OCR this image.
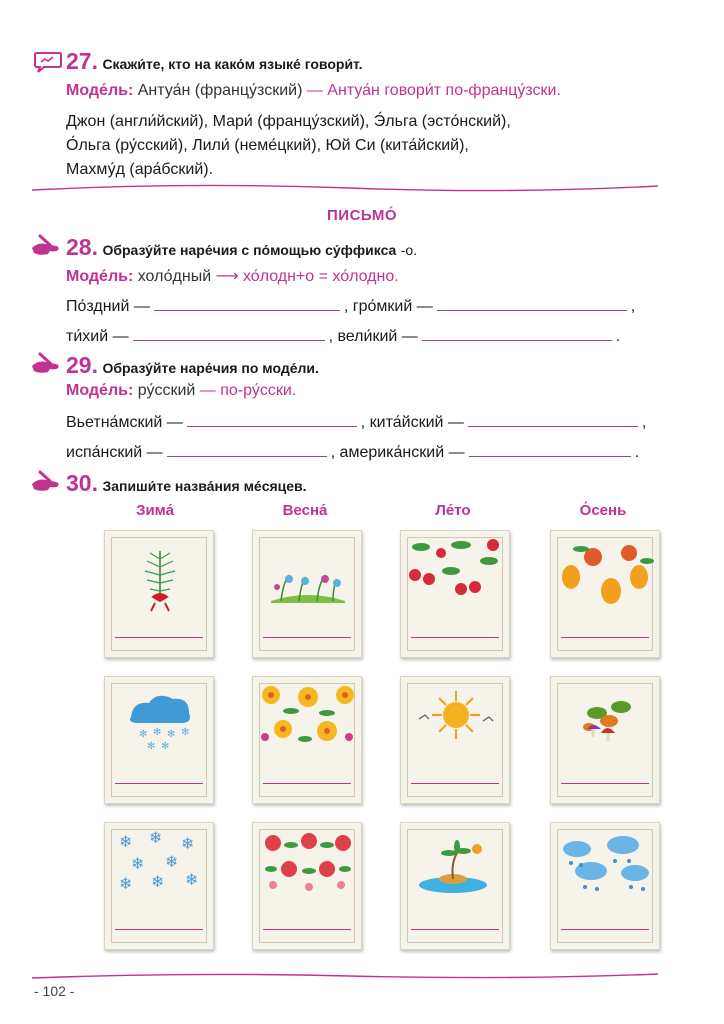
27. Скажи́те, кто на како́м языке́ говори́т.
Моде́ль: Антуа́н (францу́зский) — Антуа́н говори́т по-францу́зски.
Джон (англи́йский), Мари́ (францу́зский), Э́льга (эсто́нский),
О́льга (ру́сский), Лили́ (неме́цкий), Юй Си (кита́йский),
Махму́д (ара́бский).
ПИСЬМО́
28. Образу́йте наре́чия с по́мощью су́ффикса -о.
Моде́ль: холо́дный ⟶ хо́лодн+о = хо́лодно.
По́здний —	, гро́мкий —	,
ти́хий —	, вели́кий —	.
29. Образу́йте наре́чия по моде́ли.
Моде́ль: ру́сский — по-ру́сски.
Вьетна́мский —	, кита́йский —	,
испа́нский —	, америка́нский —	.
30. Запиши́те назва́ния ме́сяцев.
Зима́	Весна́	Ле́то	О́сень
✻ ✻ ✻ ✻
✻ ✻
❄ ❄ ❄
❄ ❄
❄ ❄ ❄
- 102 -
